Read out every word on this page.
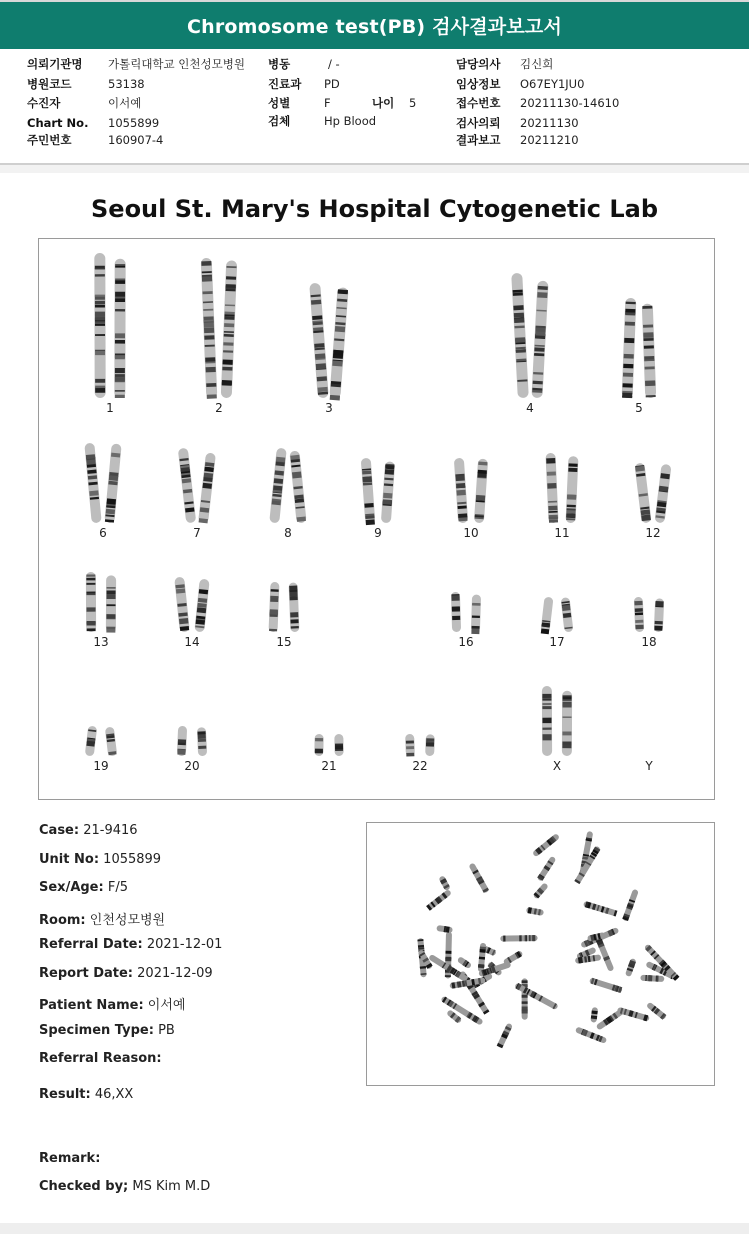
Chromosome test(PB) 검사결과보고서
의뢰기관명 가톨릭대학교 인천성모병원
병원코드	53138
수진자	이서예
Chart No. 1055899
주민번호	160907-4
병동	/ -
진료과 PD
성별	F	나이 5
검체	Hp Blood
담당의사 김신희
임상정보 O67EY1JU0
접수번호 20211130-14610
검사의뢰 20211130
결과보고 20211210
Seoul St. Mary's Hospital Cytogenetic Lab
1	2	3	4	5
6	7	8	9	10	11	12
13	14	15	16	17	18
19	20	21	22	X	Y
Case: 21-9416
Unit No: 1055899
Sex/Age: F/5
Room: 인천성모병원
Referral Date: 2021-12-01
Report Date: 2021-12-09
Patient Name: 이서예
Specimen Type: PB
Referral Reason:
Result: 46,XX
Remark:
Checked by; MS Kim M.D
